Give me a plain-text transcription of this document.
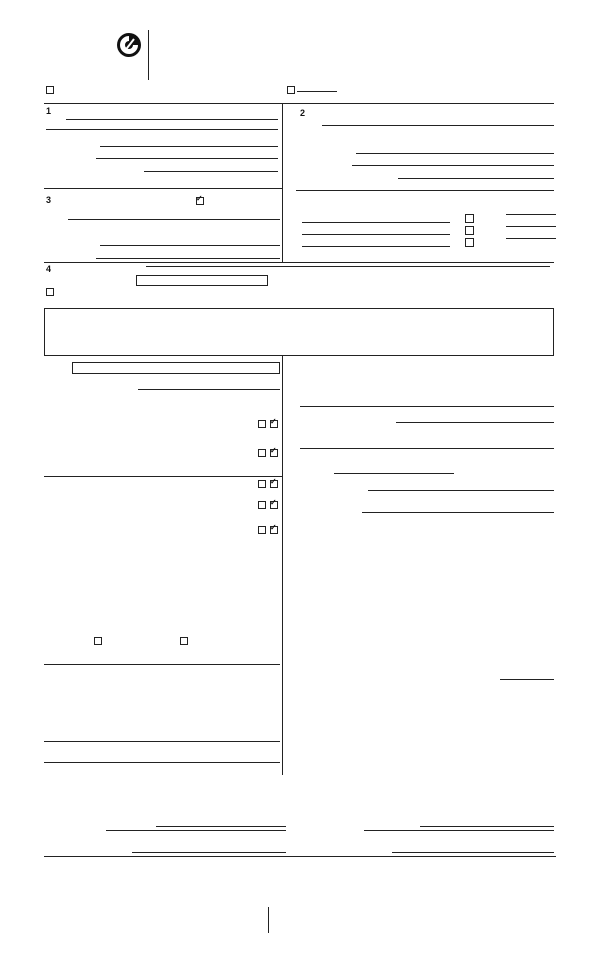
1	2
3
✓
4
✓
✓
✓
✓
✓
